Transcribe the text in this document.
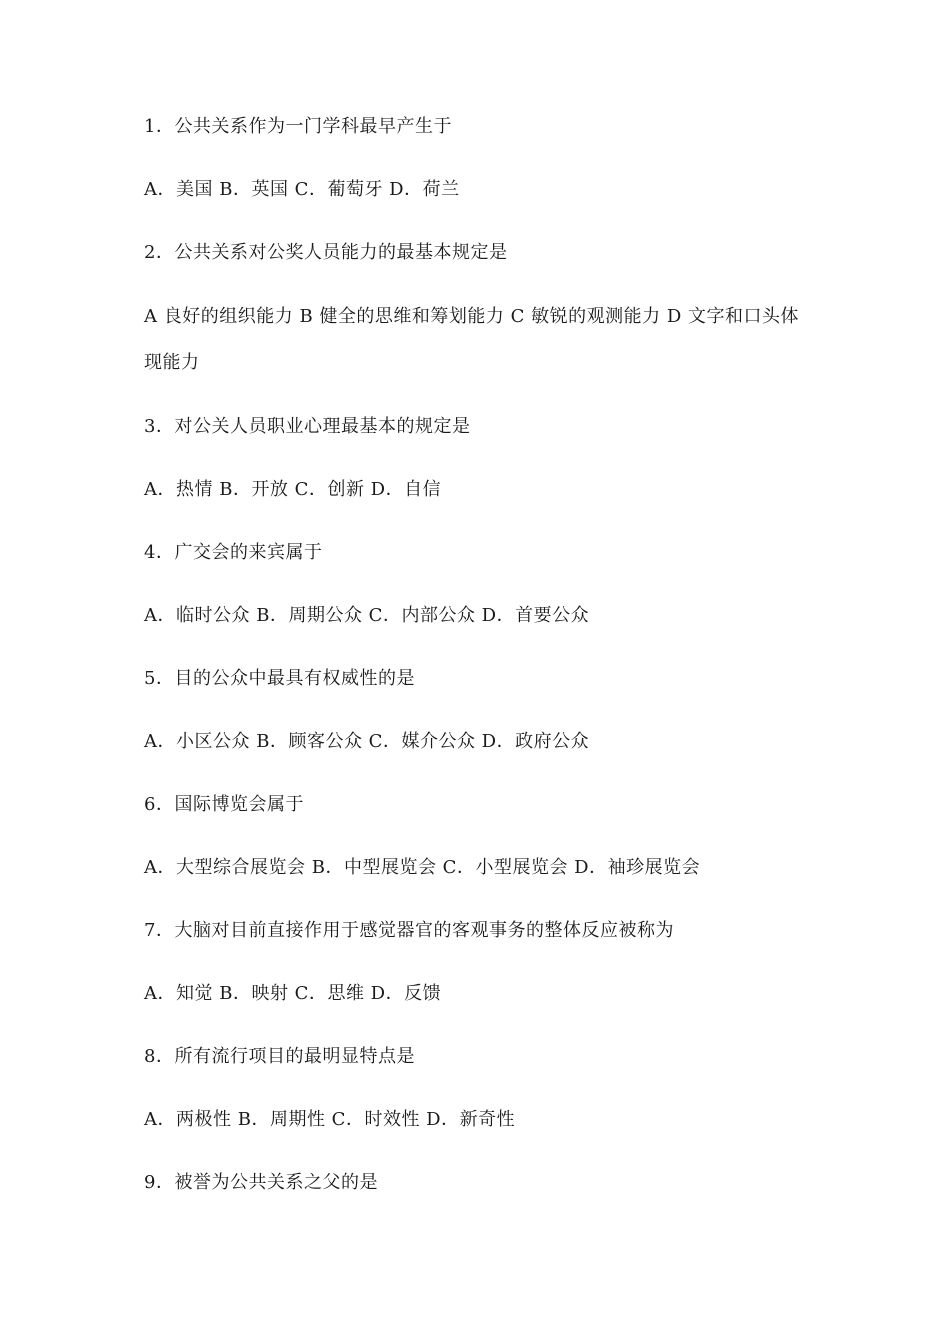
1．公共关系作为一门学科最早产生于
A．美国 B．英国 C．葡萄牙 D．荷兰
2．公共关系对公奖人员能力的最基本规定是
A 良好的组织能力 B 健全的思维和筹划能力 C 敏锐的观测能力 D 文字和口头体现能力
3．对公关人员职业心理最基本的规定是
A．热情 B．开放 C．创新 D．自信
4．广交会的来宾属于
A．临时公众 B．周期公众 C．内部公众 D．首要公众
5．目的公众中最具有权威性的是
A．小区公众 B．顾客公众 C．媒介公众 D．政府公众
6．国际博览会属于
A．大型综合展览会 B．中型展览会 C．小型展览会 D．袖珍展览会
7．大脑对目前直接作用于感觉器官的客观事务的整体反应被称为
A．知觉 B．映射 C．思维 D．反馈
8．所有流行项目的最明显特点是
A．两极性 B．周期性 C．时效性 D．新奇性
9．被誉为公共关系之父的是
